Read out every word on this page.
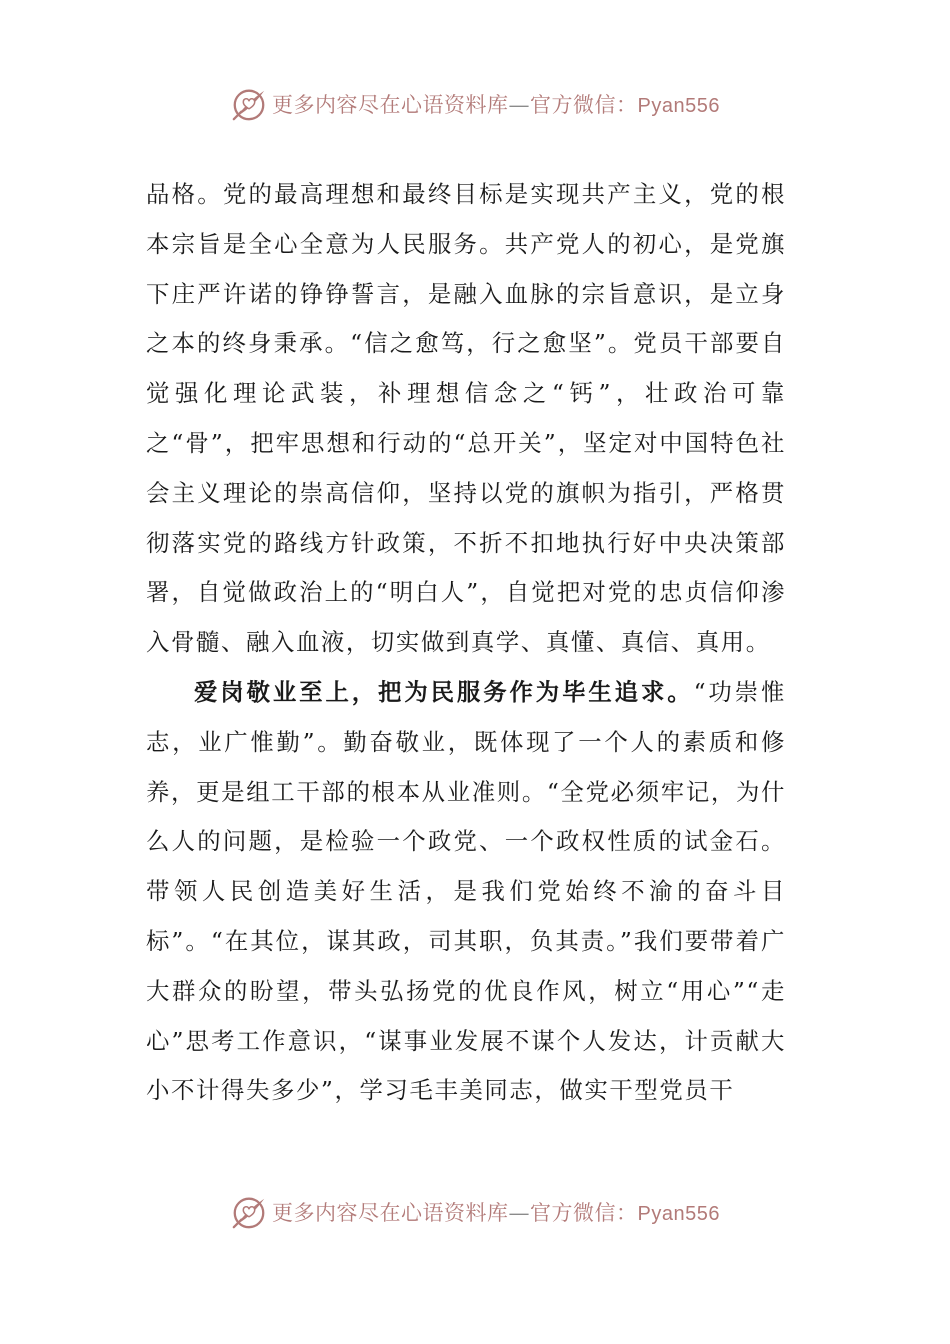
更多内容尽在心语资料库—官方微信：Pyan556

品格。党的最高理想和最终目标是实现共产主义，党的根本宗旨是全心全意为人民服务。共产党人的初心，是党旗下庄严许诺的铮铮誓言，是融入血脉的宗旨意识，是立身之本的终身秉承。“信之愈笃，行之愈坚”。党员干部要自觉强化理论武装，补理想信念之“钙”，壮政治可靠之“骨”，把牢思想和行动的“总开关”，坚定对中国特色社会主义理论的崇高信仰，坚持以党的旗帜为指引，严格贯彻落实党的路线方针政策，不折不扣地执行好中央决策部署，自觉做政治上的“明白人”，自觉把对党的忠贞信仰渗入骨髓、融入血液，切实做到真学、真懂、真信、真用。

爱岗敬业至上，把为民服务作为毕生追求。“功崇惟志，业广惟勤”。勤奋敬业，既体现了一个人的素质和修养，更是组工干部的根本从业准则。“全党必须牢记，为什么人的问题，是检验一个政党、一个政权性质的试金石。带领人民创造美好生活，是我们党始终不渝的奋斗目标”。“在其位，谋其政，司其职，负其责。”我们要带着广大群众的盼望，带头弘扬党的优良作风，树立“用心”“走心”思考工作意识，“谋事业发展不谋个人发达，计贡献大小不计得失多少”，学习毛丰美同志，做实干型党员干

更多内容尽在心语资料库—官方微信：Pyan556
